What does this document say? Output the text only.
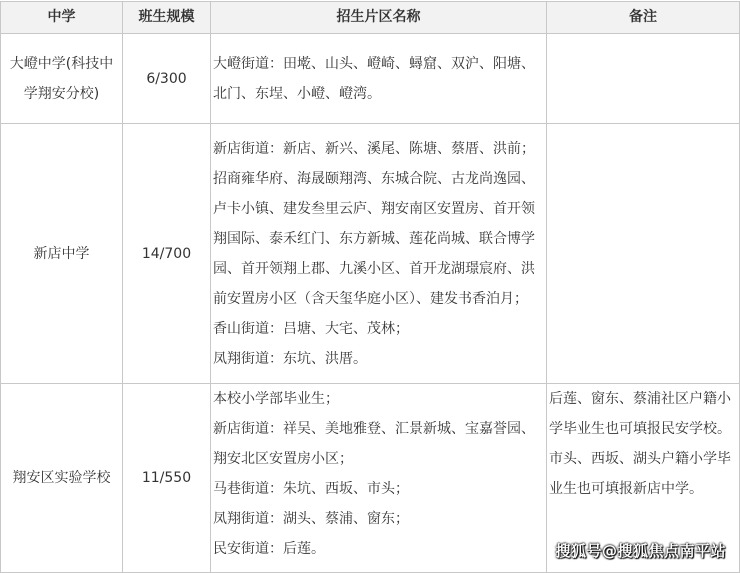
中学	班生规模	招生片区名称	备注
大嶝中学(科技中学翔安分校)	6/300	大嶝街道：田墘、山头、嶝崎、蟳窟、双沪、阳塘、北门、东埕、小嶝、嶝湾。	

新店中学	14/700	新店街道：新店、新兴、溪尾、陈塘、蔡厝、洪前；招商雍华府、海晟颐翔湾、东城合院、古龙尚逸园、卢卡小镇、建发叁里云庐、翔安南区安置房、首开领翔国际、泰禾红门、东方新城、莲花尚城、联合博学园、首开领翔上郡、九溪小区、首开龙湖璟宸府、洪前安置房小区（含天玺华庭小区）、建发书香泊月；
香山街道：吕塘、大宅、茂林；
凤翔街道：东坑、洪厝。	

翔安区实验学校	11/550	本校小学部毕业生；
新店街道：祥吴、美地雅登、汇景新城、宝嘉誉园、翔安北区安置房小区；
马巷街道：朱坑、西坂、市头；
凤翔街道：湖头、蔡浦、窗东；
民安街道：后莲。	后莲、窗东、蔡浦社区户籍小学毕业生也可填报民安学校。市头、西坂、湖头户籍小学毕业生也可填报新店中学。
搜狐号@搜狐焦点南平站
